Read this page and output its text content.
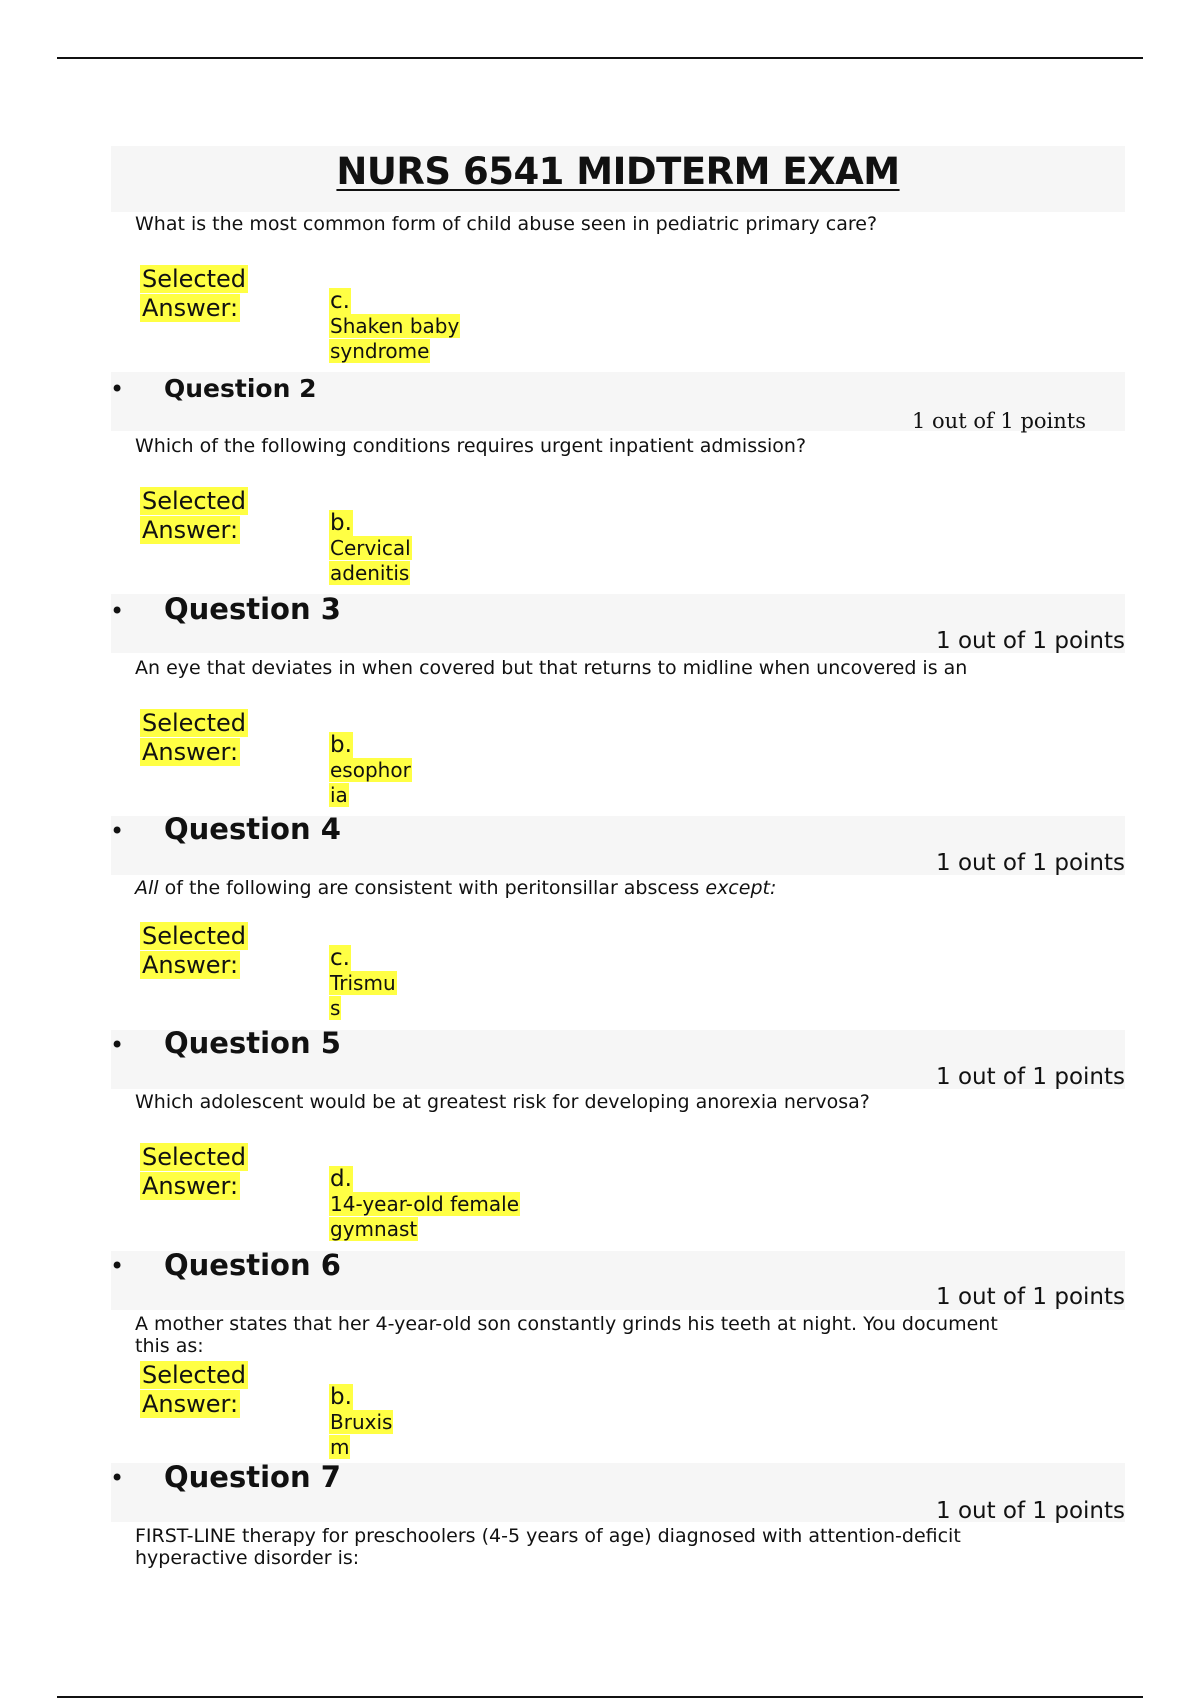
NURS 6541 MIDTERM EXAM

What is the most common form of child abuse seen in pediatric primary care?

Selected
Answer:	c.
Shaken baby
syndrome
• Question 2
1 out of 1 points

Which of the following conditions requires urgent inpatient admission?

Selected
Answer:	b.
Cervical
adenitis
• Question 3
1 out of 1 points

An eye that deviates in when covered but that returns to midline when uncovered is an

Selected
Answer:	b.
esophor
ia
• Question 4
1 out of 1 points

All of the following are consistent with peritonsillar abscess except:

Selected
Answer:	c.
Trismu
s
• Question 5
1 out of 1 points

Which adolescent would be at greatest risk for developing anorexia nervosa?

Selected
Answer:	d.
14-year-old female
gymnast
• Question 6
1 out of 1 points

A mother states that her 4-year-old son constantly grinds his teeth at night. You document
this as:

Selected
Answer:	b.
Bruxis
m
• Question 7
1 out of 1 points

FIRST-LINE therapy for preschoolers (4-5 years of age) diagnosed with attention-deficit
hyperactive disorder is:
